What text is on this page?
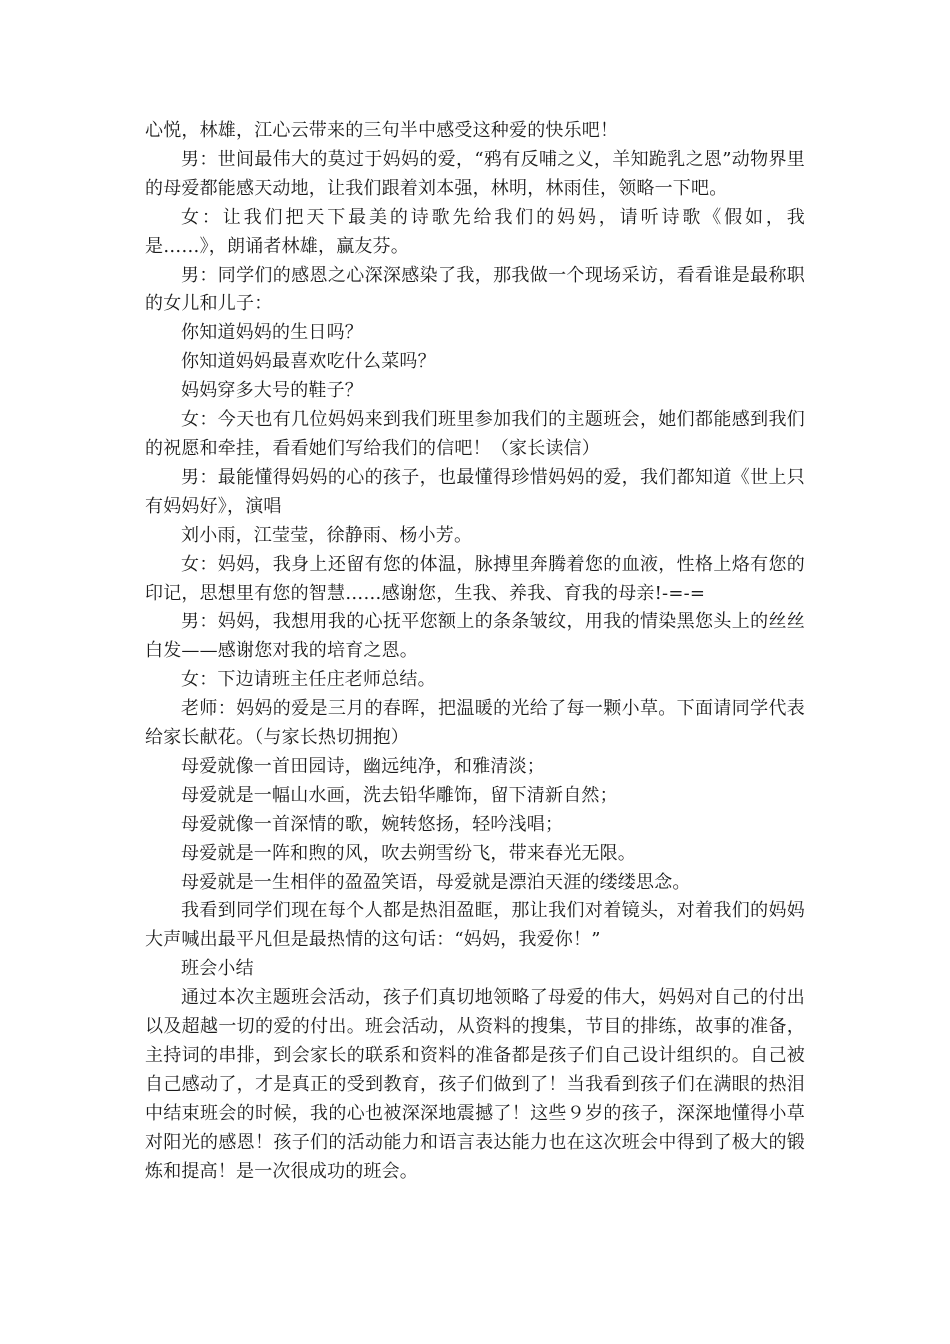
心悦，林雄，江心云带来的三句半中感受这种爱的快乐吧！

男：世间最伟大的莫过于妈妈的爱，“鸦有反哺之义，羊知跪乳之恩”动物界里的母爱都能感天动地，让我们跟着刘本强，林明，林雨佳，领略一下吧。

女：让我们把天下最美的诗歌先给我们的妈妈，请听诗歌《假如，我是……》，朗诵者林雄，赢友芬。

男：同学们的感恩之心深深感染了我，那我做一个现场采访，看看谁是最称职的女儿和儿子：

你知道妈妈的生日吗？

你知道妈妈最喜欢吃什么菜吗？

妈妈穿多大号的鞋子？

女：今天也有几位妈妈来到我们班里参加我们的主题班会，她们都能感到我们的祝愿和牵挂，看看她们写给我们的信吧！（家长读信）

男：最能懂得妈妈的心的孩子，也最懂得珍惜妈妈的爱，我们都知道《世上只有妈妈好》，演唱

刘小雨，江莹莹，徐静雨、杨小芳。

女：妈妈，我身上还留有您的体温，脉搏里奔腾着您的血液，性格上烙有您的印记，思想里有您的智慧……感谢您，生我、养我、育我的母亲!-=-=

男：妈妈，我想用我的心抚平您额上的条条皱纹，用我的情染黑您头上的丝丝白发——感谢您对我的培育之恩。

女：下边请班主任庄老师总结。

老师：妈妈的爱是三月的春晖，把温暖的光给了每一颗小草。下面请同学代表给家长献花。（与家长热切拥抱）

母爱就像一首田园诗，幽远纯净，和雅清淡；

母爱就是一幅山水画，洗去铅华雕饰，留下清新自然；

母爱就像一首深情的歌，婉转悠扬，轻吟浅唱；

母爱就是一阵和煦的风，吹去朔雪纷飞，带来春光无限。

母爱就是一生相伴的盈盈笑语，母爱就是漂泊天涯的缕缕思念。

我看到同学们现在每个人都是热泪盈眶，那让我们对着镜头，对着我们的妈妈大声喊出最平凡但是最热情的这句话：“妈妈，我爱你！”

班会小结

通过本次主题班会活动，孩子们真切地领略了母爱的伟大，妈妈对自己的付出以及超越一切的爱的付出。班会活动，从资料的搜集，节目的排练，故事的准备，主持词的串排，到会家长的联系和资料的准备都是孩子们自己设计组织的。自己被自己感动了，才是真正的受到教育，孩子们做到了！当我看到孩子们在满眼的热泪中结束班会的时候，我的心也被深深地震撼了！这些９岁的孩子，深深地懂得小草对阳光的感恩！孩子们的活动能力和语言表达能力也在这次班会中得到了极大的锻炼和提高！是一次很成功的班会。
